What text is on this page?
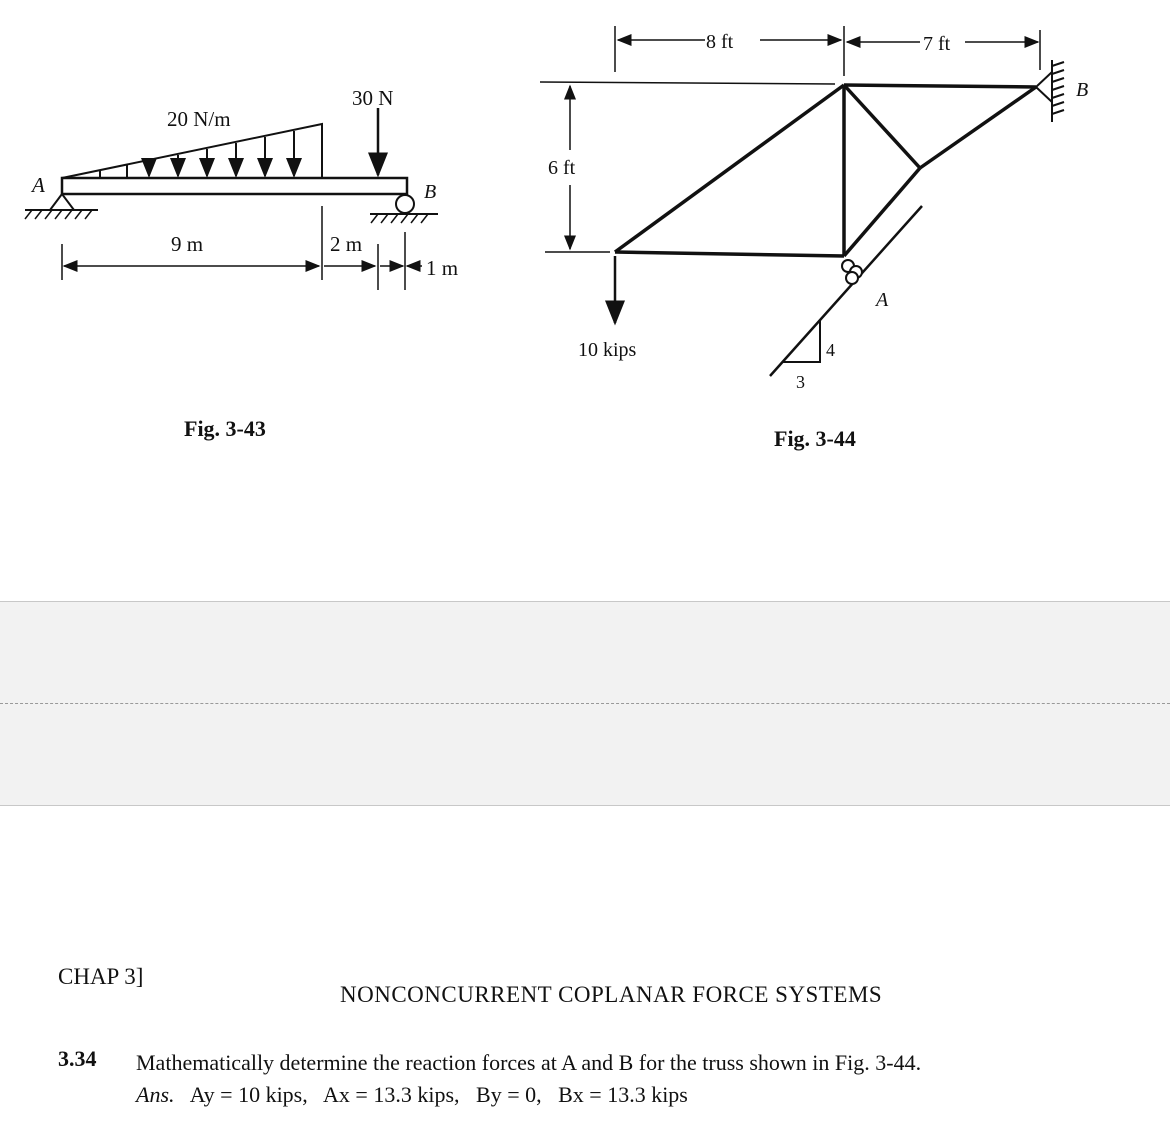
A	B
20 N/m
30 N
9 m	2 m
1 m
Fig. 3-43
8 ft	7 ft
6 ft
10 kips
B
A
4
3
Fig. 3-44
CHAP 3]
NONCONCURRENT COPLANAR FORCE SYSTEMS
3.34 Mathematically determine the reaction forces at A and B for the truss shown in Fig. 3-44.
Ans. Ay = 10 kips, Ax = 13.3 kips, By = 0, Bx = 13.3 kips
